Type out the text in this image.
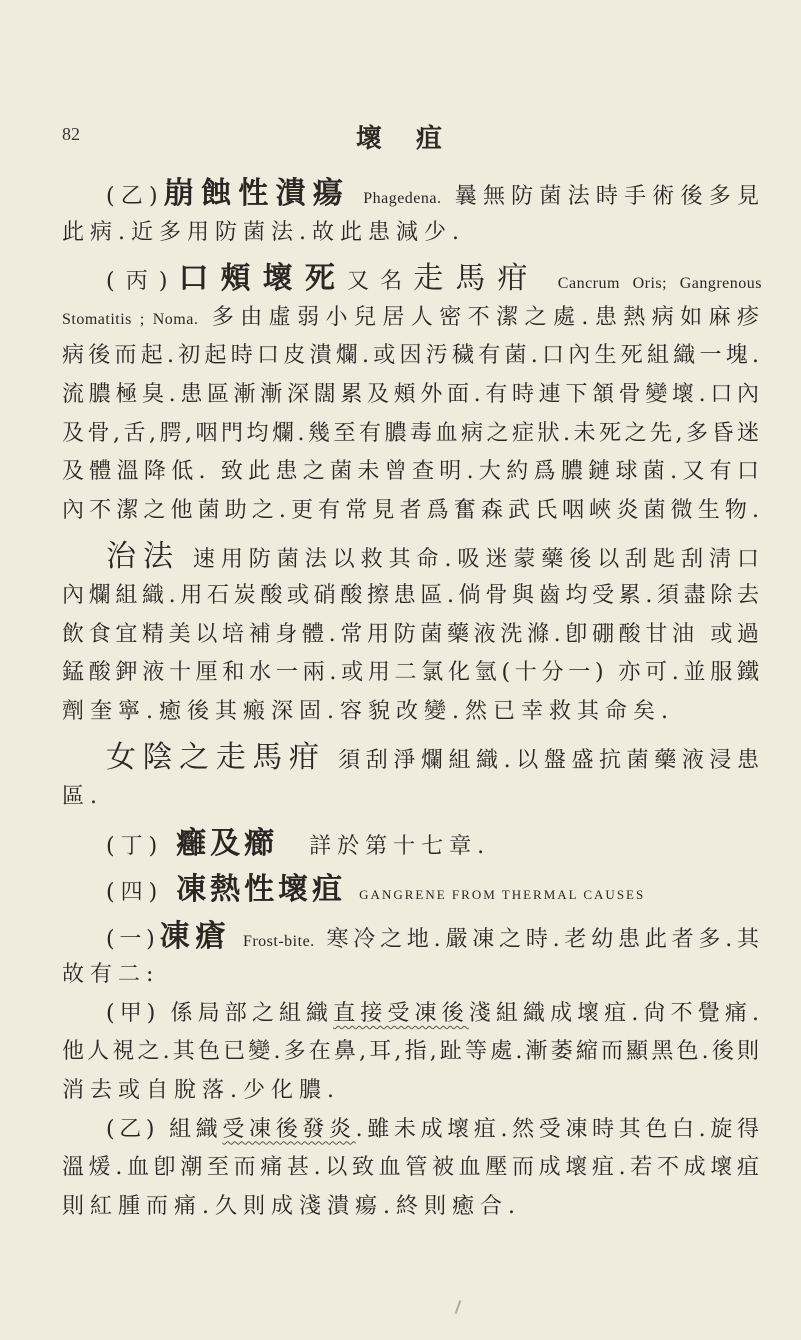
82	壞疽
(乙)崩蝕性潰瘍 Phagedena. 曩無防菌法時手術後多見
此病.近多用防菌法.故此患減少.
(丙)口頰壞死又名走馬疳 Cancrum Oris; Gangrenous
Stomatitis ; Noma. 多由虛弱小兒居人密不潔之處.患熱病如麻疹
病後而起.初起時口皮潰爛.或因汚穢有菌.口內生死組織一塊.
流膿極臭.患區漸漸深闊累及頰外面.有時連下頷骨變壞.口內
及骨,舌,腭,咽門均爛.幾至有膿毒血病之症狀.未死之先,多昏迷
及體溫降低. 致此患之菌未曾查明.大約爲膿鏈球菌.又有口
內不潔之他菌助之.更有常見者爲奮森武氏咽峽炎菌微生物.
治法 速用防菌法以救其命.吸迷蒙藥後以刮匙刮淸口
內爛組織.用石炭酸或硝酸擦患區.倘骨與齒均受累.須盡除去
飲食宜精美以培補身體.常用防菌藥液洗滌.卽硼酸甘油 或過
錳酸鉀液十厘和水一兩.或用二氯化氫(十分一) 亦可.並服鐵
劑奎寧.癒後其瘢深固.容貌改變.然已幸救其命矣.
女陰之走馬疳 須刮淨爛組織.以盤盛抗菌藥液浸患
區.
(丁) 癰及癤 詳於第十七章.
(四) 凍熱性壞疽 GANGRENE FROM THERMAL CAUSES
(一)凍瘡 Frost-bite. 寒冷之地.嚴凍之時.老幼患此者多.其
故有二:
(甲) 係局部之組織直接受凍後淺組織成壞疽.尙不覺痛.
他人視之.其色已變.多在鼻,耳,指,趾等處.漸萎縮而顯黑色.後則
消去或自脫落.少化膿.
(乙) 組織受凍後發炎.雖未成壞疽.然受凍時其色白.旋得
溫煖.血卽潮至而痛甚.以致血管被血壓而成壞疽.若不成壞疽
則紅腫而痛.久則成淺潰瘍.終則癒合.
